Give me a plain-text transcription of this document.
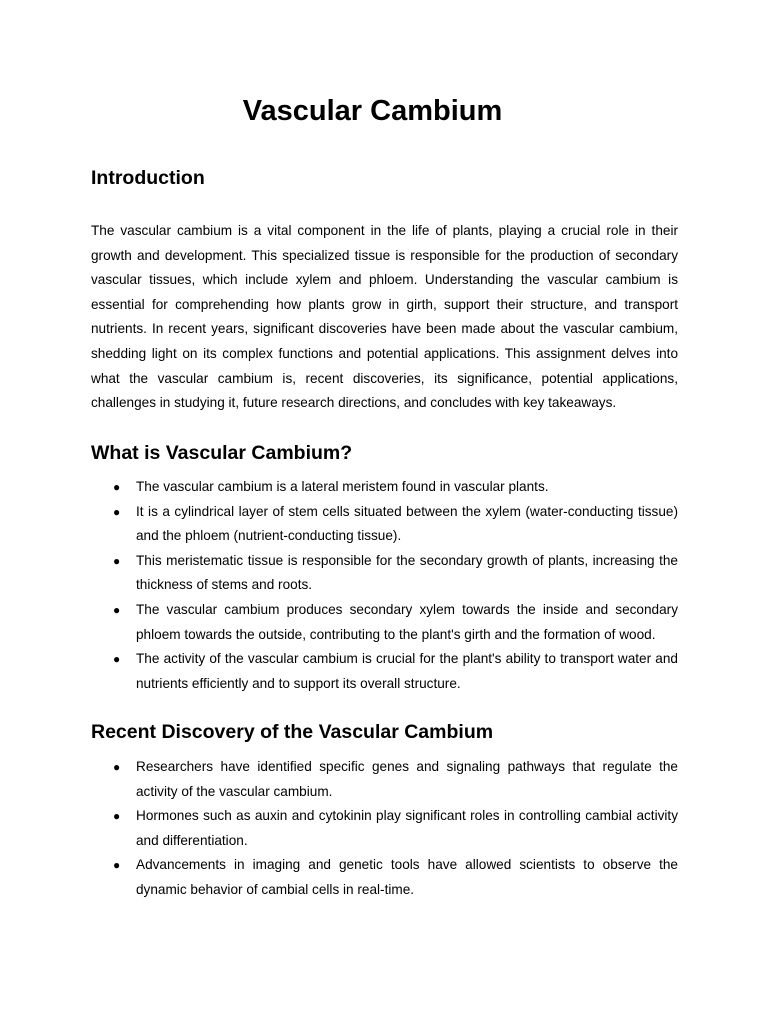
Vascular Cambium
Introduction

The vascular cambium is a vital component in the life of plants, playing a crucial role in their growth and development. This specialized tissue is responsible for the production of secondary vascular tissues, which include xylem and phloem. Understanding the vascular cambium is essential for comprehending how plants grow in girth, support their structure, and transport nutrients. In recent years, significant discoveries have been made about the vascular cambium, shedding light on its complex functions and potential applications. This assignment delves into what the vascular cambium is, recent discoveries, its significance, potential applications, challenges in studying it, future research directions, and concludes with key takeaways.

What is Vascular Cambium?
● The vascular cambium is a lateral meristem found in vascular plants.
● It is a cylindrical layer of stem cells situated between the xylem (water-conducting tissue) and the phloem (nutrient-conducting tissue).
● This meristematic tissue is responsible for the secondary growth of plants, increasing the thickness of stems and roots.
● The vascular cambium produces secondary xylem towards the inside and secondary phloem towards the outside, contributing to the plant's girth and the formation of wood.
● The activity of the vascular cambium is crucial for the plant's ability to transport water and nutrients efficiently and to support its overall structure.
Recent Discovery of the Vascular Cambium
● Researchers have identified specific genes and signaling pathways that regulate the activity of the vascular cambium.
● Hormones such as auxin and cytokinin play significant roles in controlling cambial activity and differentiation.
● Advancements in imaging and genetic tools have allowed scientists to observe the dynamic behavior of cambial cells in real-time.
